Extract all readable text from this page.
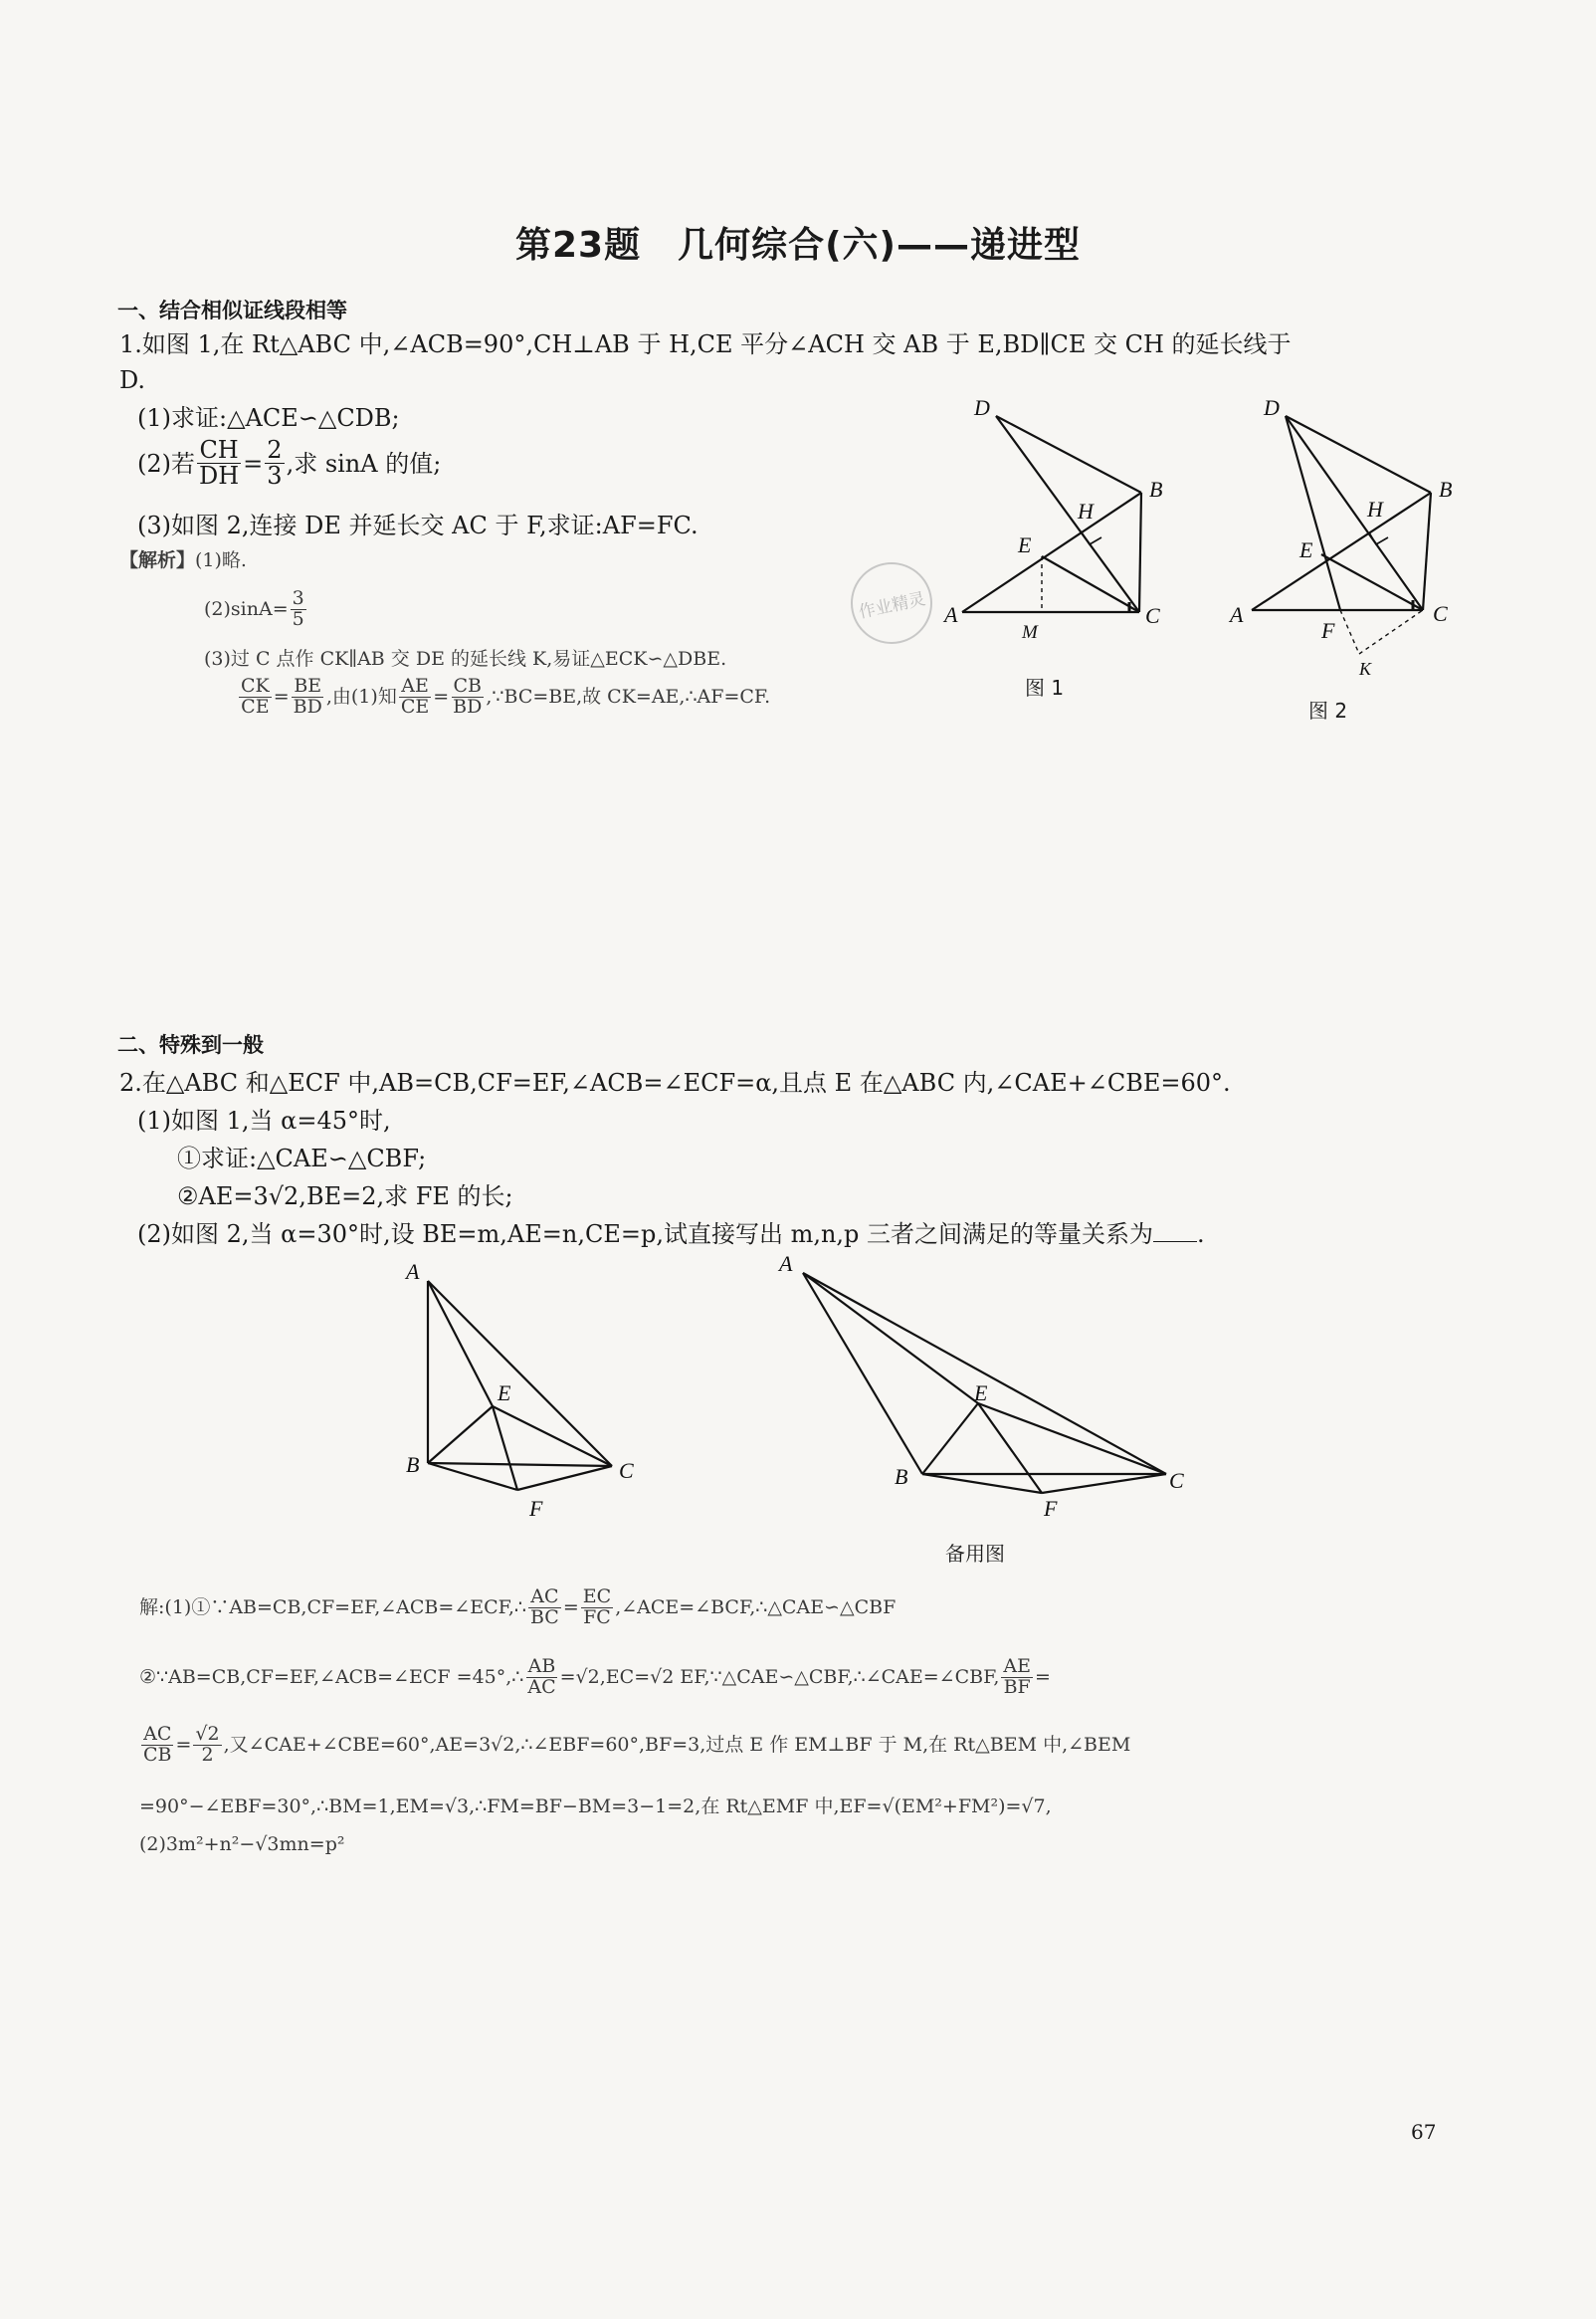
第23题　几何综合(六)——递进型
一、结合相似证线段相等
1.如图 1,在 Rt△ABC 中,∠ACB=90°,CH⊥AB 于 H,CE 平分∠ACH 交 AB 于 E,BD∥CE 交 CH 的延长线于
D.
(1)求证:△ACE∽△CDB;
(2)若 $\frac{CH}{DH} = \frac{2}{3}$ ,求 sinA 的值;
(3)如图 2,连接 DE 并延长交 AC 于 F,求证:AF=FC.
【解析】(1)略.
$(2)\sin A= \frac{3}{5}$
(3)过 C 点作 CK∥AB 交 DE 的延长线 K,易证△ECK∽△DBE.
$\frac{CK}{CE} = \frac{BE}{BD}$ ,由(1)知 $\frac{AE}{CE} = \frac{CB}{BD}$ ,∵BC=BE,故 CK=AE,∴AF=CF.
D
B
H
E
A
M
C
图 1
D
B
H
E
A
F
C
K
图 2
作业精灵
二、特殊到一般
2.在△ABC 和△ECF 中,AB=CB,CF=EF,∠ACB=∠ECF=α,且点 E 在△ABC 内,∠CAE+∠CBE=60°.
(1)如图 1,当 α=45°时,
①求证:△CAE∽△CBF;
②AE=3√2,BE=2,求 FE 的长;
(2)如图 2,当 α=30°时,设 BE=m,AE=n,CE=p,试直接写出 m,n,p 三者之间满足的等量关系为 .
A
E
B	C
F
A
E
B	C
F
备用图
解:(1)①∵AB=CB,CF=EF,∠ACB=∠ECF,∴ $\frac{AC}{BC} = \frac{EC}{FC}$ ,∠ACE=∠BCF,∴△CAE∽△CBF
②∵AB=CB,CF=EF,∠ACB=∠ECF =45°,∴ $\frac{AB}{AC} =√2,EC=√2$ EF,∵△CAE∽△CBF,∴∠CAE=∠CBF, $\frac{AE}{BF}$ =
$\frac{AC}{CB} = \frac{√2}{2}$ ,又∠CAE+∠CBE=60°,AE=3√2,∴∠EBF=60°,BF=3,过点 E 作 EM⊥BF 于 M,在 Rt△BEM 中,∠BEM
=90°−∠EBF=30°,∴BM=1,EM=√3,∴FM=BF−BM=3−1=2,在 Rt△EMF 中,EF=√(EM²+FM²)=√7,
(2)3m²+n²−√3mn=p²
67
